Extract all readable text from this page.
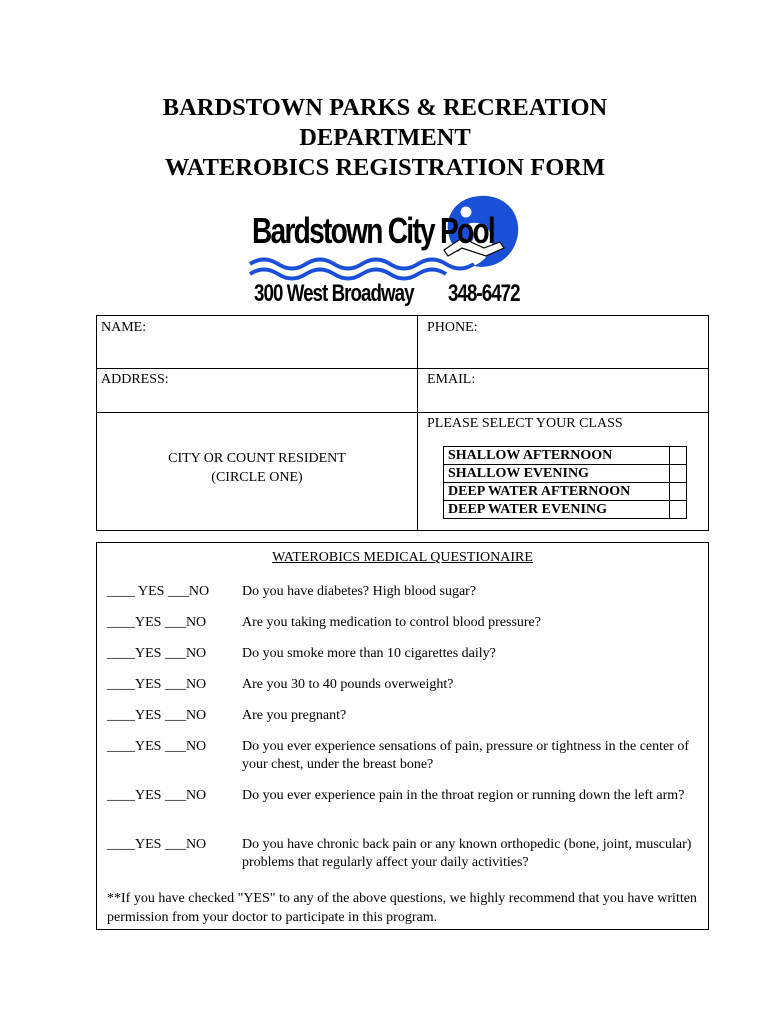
BARDSTOWN PARKS & RECREATION
DEPARTMENT
WATEROBICS REGISTRATION FORM
Bardstown City Pool
300 West Broadway 348-6472
NAME:	PHONE:
ADDRESS:	EMAIL:
CITY OR COUNT RESIDENT
(CIRCLE ONE)
PLEASE SELECT YOUR CLASS
SHALLOW AFTERNOON	
SHALLOW EVENING	
DEEP WATER AFTERNOON	
DEEP WATER EVENING	
WATEROBICS MEDICAL QUESTIONAIRE
____ YES ___NO Do you have diabetes? High blood sugar?
____YES ___NO	Are you taking medication to control blood pressure?
____YES ___NO	Do you smoke more than 10 cigarettes daily?
____YES ___NO	Are you 30 to 40 pounds overweight?
____YES ___NO	Are you pregnant?
____YES ___NO	Do you ever experience sensations of pain, pressure or tightness in the center of your chest, under the breast bone?
____YES ___NO	Do you ever experience pain in the throat region or running down the left arm?
____YES ___NO	Do you have chronic back pain or any known orthopedic (bone, joint, muscular) problems that regularly affect your daily activities?
**If you have checked "YES" to any of the above questions, we highly recommend that you have written permission from your doctor to participate in this program.
